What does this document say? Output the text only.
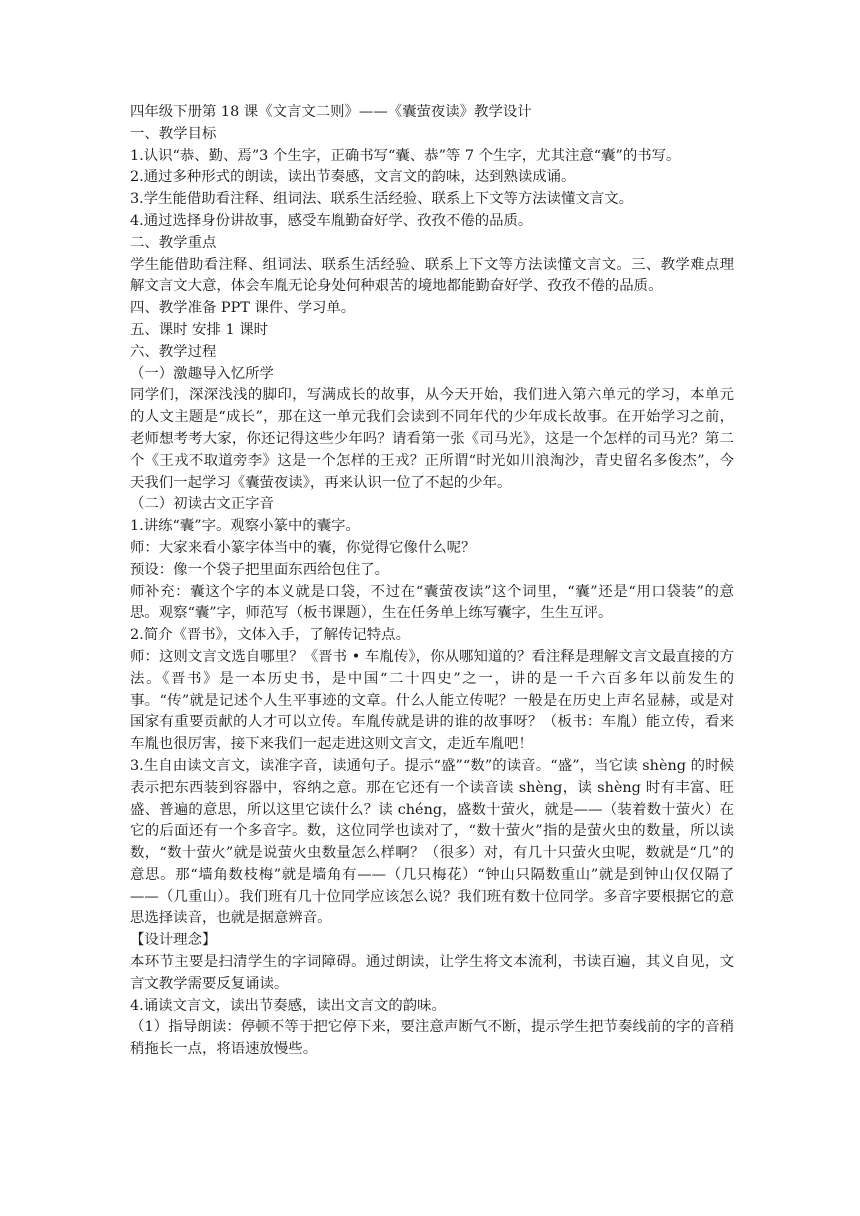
四年级下册第 18 课《文言文二则》——《囊萤夜读》教学设计

一、教学目标

1.认识“恭、勤、焉”3 个生字，正确书写“囊、恭”等 7 个生字，尤其注意“囊”的书写。

2.通过多种形式的朗读，读出节奏感，文言文的韵味，达到熟读成诵。

3.学生能借助看注释、组词法、联系生活经验、联系上下文等方法读懂文言文。

4.通过选择身份讲故事，感受车胤勤奋好学、孜孜不倦的品质。

二、教学重点

学生能借助看注释、组词法、联系生活经验、联系上下文等方法读懂文言文。三、教学难点理解文言文大意，体会车胤无论身处何种艰苦的境地都能勤奋好学、孜孜不倦的品质。

四、教学准备 PPT 课件、学习单。

五、课时 安排 1 课时

六、教学过程

（一）激趣导入忆所学

同学们，深深浅浅的脚印，写满成长的故事，从今天开始，我们进入第六单元的学习，本单元的人文主题是“成长”，那在这一单元我们会读到不同年代的少年成长故事。在开始学习之前，老师想考考大家，你还记得这些少年吗？请看第一张《司马光》，这是一个怎样的司马光？第二个《王戎不取道旁李》这是一个怎样的王戎？正所谓“时光如川浪淘沙，青史留名多俊杰”，今天我们一起学习《囊萤夜读》，再来认识一位了不起的少年。

（二）初读古文正字音

1.讲练“囊”字。观察小篆中的囊字。

师：大家来看小篆字体当中的囊，你觉得它像什么呢？

预设：像一个袋子把里面东西给包住了。

师补充：囊这个字的本义就是口袋，不过在“囊萤夜读”这个词里，“囊”还是“用口袋装”的意思。观察“囊”字，师范写（板书课题），生在任务单上练写囊字，生生互评。

2.简介《晋书》，文体入手，了解传记特点。

师：这则文言文选自哪里？《晋书 • 车胤传》，你从哪知道的？看注释是理解文言文最直接的方法。《晋书》是一本历史书，是中国“二十四史”之一，讲的是一千六百多年以前发生的事。“传”就是记述个人生平事迹的文章。什么人能立传呢？一般是在历史上声名显赫，或是对国家有重要贡献的人才可以立传。车胤传就是讲的谁的故事呀？（板书：车胤）能立传，看来车胤也很厉害，接下来我们一起走进这则文言文，走近车胤吧！

3.生自由读文言文，读准字音，读通句子。提示“盛”“数”的读音。“盛”，当它读 shèng 的时候表示把东西装到容器中，容纳之意。那在它还有一个读音读 shèng，读 shèng 时有丰富、旺盛、普遍的意思，所以这里它读什么？读 chéng，盛数十萤火，就是——（装着数十萤火）在它的后面还有一个多音字。数，这位同学也读对了，“数十萤火”指的是萤火虫的数量，所以读数，“数十萤火”就是说萤火虫数量怎么样啊？（很多）对，有几十只萤火虫呢，数就是“几”的意思。那“墙角数枝梅”就是墙角有——（几只梅花）“钟山只隔数重山”就是到钟山仅仅隔了——（几重山）。我们班有几十位同学应该怎么说？我们班有数十位同学。多音字要根据它的意思选择读音，也就是据意辨音。

【设计理念】

本环节主要是扫清学生的字词障碍。通过朗读，让学生将文本流利，书读百遍，其义自见，文言文教学需要反复诵读。

4.诵读文言文，读出节奏感，读出文言文的韵味。

（1）指导朗读：停顿不等于把它停下来，要注意声断气不断，提示学生把节奏线前的字的音稍稍拖长一点，将语速放慢些。
